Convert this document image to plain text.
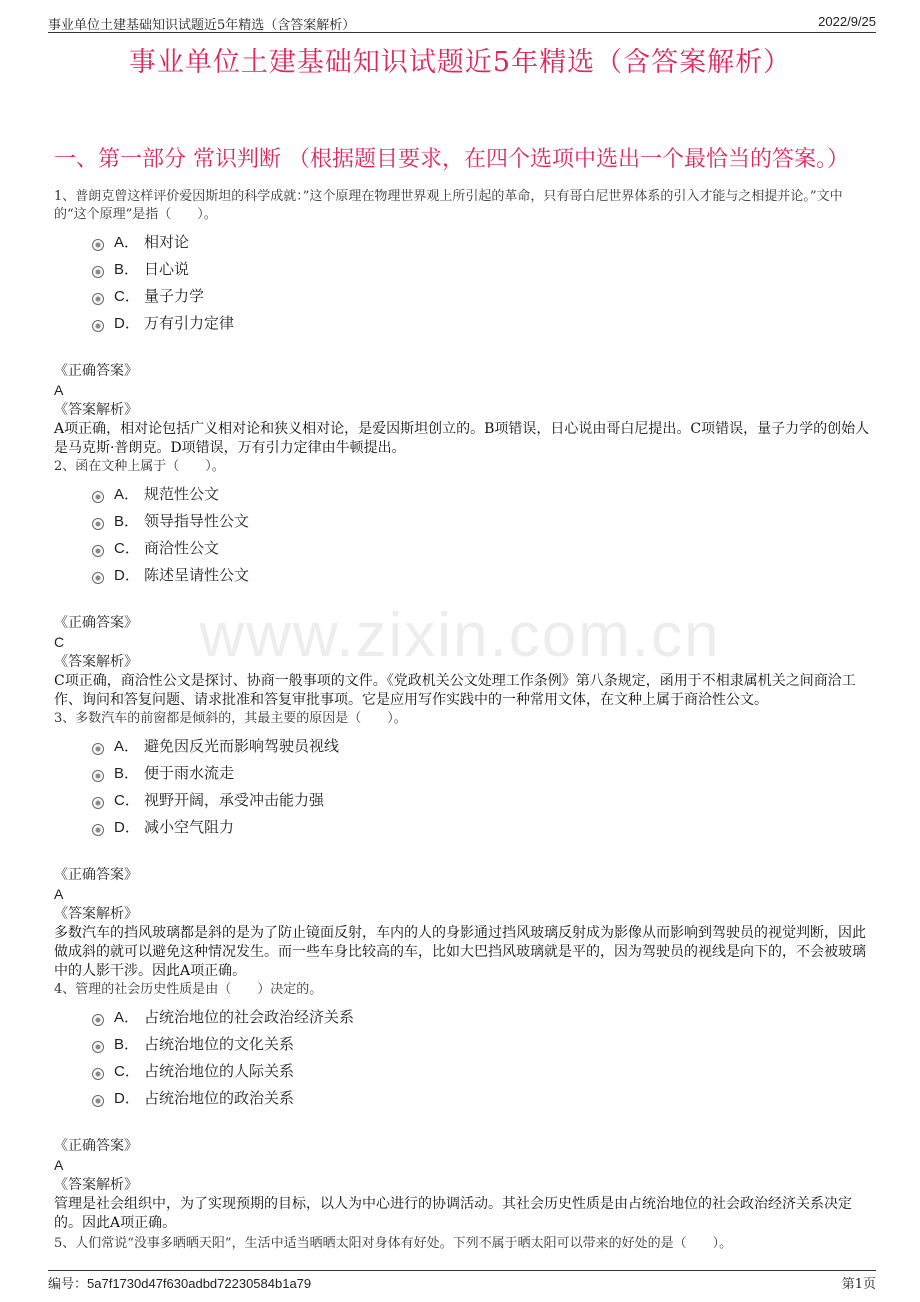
事业单位土建基础知识试题近5年精选（含答案解析）	2022/9/25
事业单位土建基础知识试题近5年精选（含答案解析）
一、第一部分 常识判断 （根据题目要求，在四个选项中选出一个最恰当的答案。）
www.zixin.com.cn
1、普朗克曾这样评价爱因斯坦的科学成就：”这个原理在物理世界观上所引起的革命，只有哥白尼世界体系的引入才能与之相提并论。”文中的“这个原理”是指（　　）。
A． 相对论
B． 日心说
C． 量子力学
D． 万有引力定律
《正确答案》
A
《答案解析》
A项正确，相对论包括广义相对论和狭义相对论，是爱因斯坦创立的。B项错误，日心说由哥白尼提出。C项错误，量子力学的创始人是马克斯·普朗克。D项错误，万有引力定律由牛顿提出。
2、函在文种上属于（　　）。
A． 规范性公文
B． 领导指导性公文
C． 商洽性公文
D． 陈述呈请性公文
《正确答案》
C
《答案解析》
C项正确，商洽性公文是探讨、协商一般事项的文件。《党政机关公文处理工作条例》第八条规定，函用于不相隶属机关之间商洽工作、询问和答复问题、请求批准和答复审批事项。它是应用写作实践中的一种常用文体，在文种上属于商洽性公文。
3、多数汽车的前窗都是倾斜的，其最主要的原因是（　　）。
A． 避免因反光而影响驾驶员视线
B． 便于雨水流走
C． 视野开阔，承受冲击能力强
D． 减小空气阻力
《正确答案》
A
《答案解析》
多数汽车的挡风玻璃都是斜的是为了防止镜面反射，车内的人的身影通过挡风玻璃反射成为影像从而影响到驾驶员的视觉判断，因此做成斜的就可以避免这种情况发生。而一些车身比较高的车，比如大巴挡风玻璃就是平的，因为驾驶员的视线是向下的，不会被玻璃中的人影干涉。因此A项正确。
4、管理的社会历史性质是由（　　）决定的。
A． 占统治地位的社会政治经济关系
B． 占统治地位的文化关系
C． 占统治地位的人际关系
D． 占统治地位的政治关系
《正确答案》
A
《答案解析》
管理是社会组织中，为了实现预期的目标，以人为中心进行的协调活动。其社会历史性质是由占统治地位的社会政治经济关系决定的。因此A项正确。
5、人们常说“没事多晒晒天阳”，生活中适当晒晒太阳对身体有好处。下列不属于晒太阳可以带来的好处的是（　　）。
编号：5a7f1730d47f630adbd72230584b1a79	第1页
